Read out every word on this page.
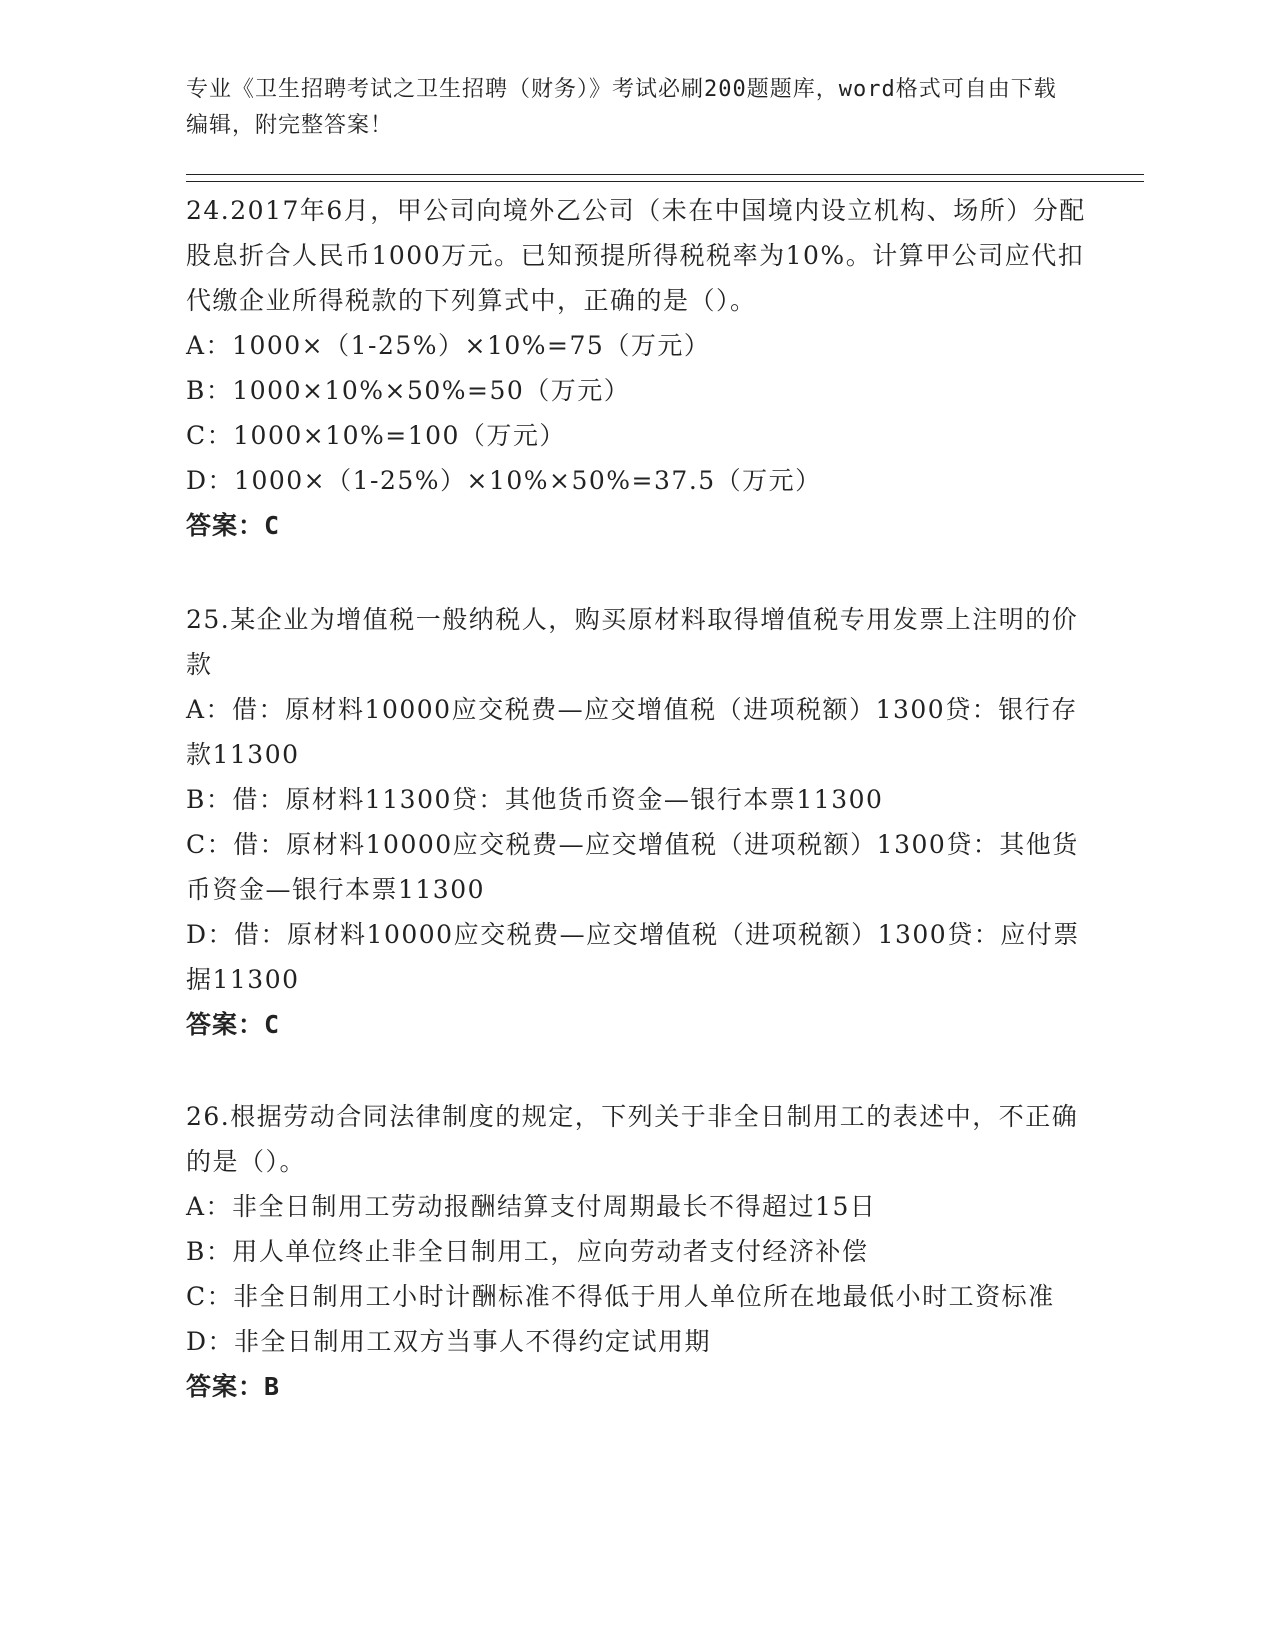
专业《卫生招聘考试之卫生招聘（财务）》考试必刷200题题库，word格式可自由下载编辑，附完整答案！

24.2017年6月，甲公司向境外乙公司（未在中国境内设立机构、场所）分配股息折合人民币1000万元。已知预提所得税税率为10%。计算甲公司应代扣代缴企业所得税款的下列算式中，正确的是（）。

A：1000×（1-25%）×10%=75（万元）

B：1000×10%×50%=50（万元）

C：1000×10%=100（万元）

D：1000×（1-25%）×10%×50%=37.5（万元）

答案：C

25.某企业为增值税一般纳税人，购买原材料取得增值税专用发票上注明的价款

A：借：原材料10000应交税费—应交增值税（进项税额）1300贷：银行存款11300

B：借：原材料11300贷：其他货币资金—银行本票11300

C：借：原材料10000应交税费—应交增值税（进项税额）1300贷：其他货币资金—银行本票11300

D：借：原材料10000应交税费—应交增值税（进项税额）1300贷：应付票据11300

答案：C

26.根据劳动合同法律制度的规定，下列关于非全日制用工的表述中，不正确的是（）。

A：非全日制用工劳动报酬结算支付周期最长不得超过15日

B：用人单位终止非全日制用工，应向劳动者支付经济补偿

C：非全日制用工小时计酬标准不得低于用人单位所在地最低小时工资标准

D：非全日制用工双方当事人不得约定试用期

答案：B
